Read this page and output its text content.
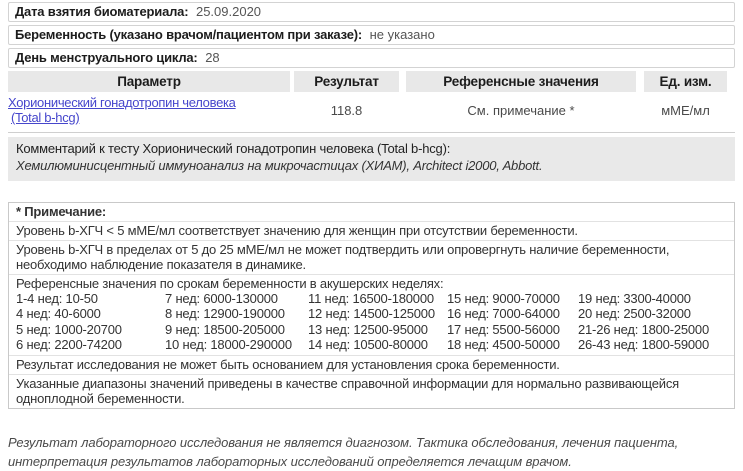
Дата взятия биоматериала: 25.09.2020
Беременность (указано врачом/пациентом при заказе): не указано
День менструального цикла: 28
Параметр	Результат	Референсные значения	Ед. изм.
Хорионический гонадотропин человека
(Total b-hcg)	118.8	См. примечание *	мМЕ/мл
Комментарий к тесту Хорионический гонадотропин человека (Total b-hcg):
Хемилюминисцентный иммуноанализ на микрочастицах (ХИАМ), Architect i2000, Abbott.
* Примечание:
Уровень b-ХГЧ < 5 мМЕ/мл соответствует значению для женщин при отсутствии беременности.
Уровень b-ХГЧ в пределах от 5 до 25 мМЕ/мл не может подтвердить или опровергнуть наличие беременности, необходимо наблюдение показателя в динамике.
Референсные значения по срокам беременности в акушерских неделях:
1-4 нед: 10-50	7 нед: 6000-130000	11 нед: 16500-180000	15 нед: 9000-70000	19 нед: 3300-40000
4 нед: 40-6000	8 нед: 12900-190000	12 нед: 14500-125000 16 нед: 7000-64000	20 нед: 2500-32000
5 нед: 1000-20700	9 нед: 18500-205000	13 нед: 12500-95000	17 нед: 5500-56000	21-26 нед: 1800-25000
6 нед: 2200-74200	10 нед: 18000-290000	14 нед: 10500-80000	18 нед: 4500-50000	26-43 нед: 1800-59000
Результат исследования не может быть основанием для установления срока беременности.
Указанные диапазоны значений приведены в качестве справочной информации для нормально развивающейся одноплодной беременности.
Результат лабораторного исследования не является диагнозом. Тактика обследования, лечения пациента, интерпретация результатов лабораторных исследований определяется лечащим врачом.
